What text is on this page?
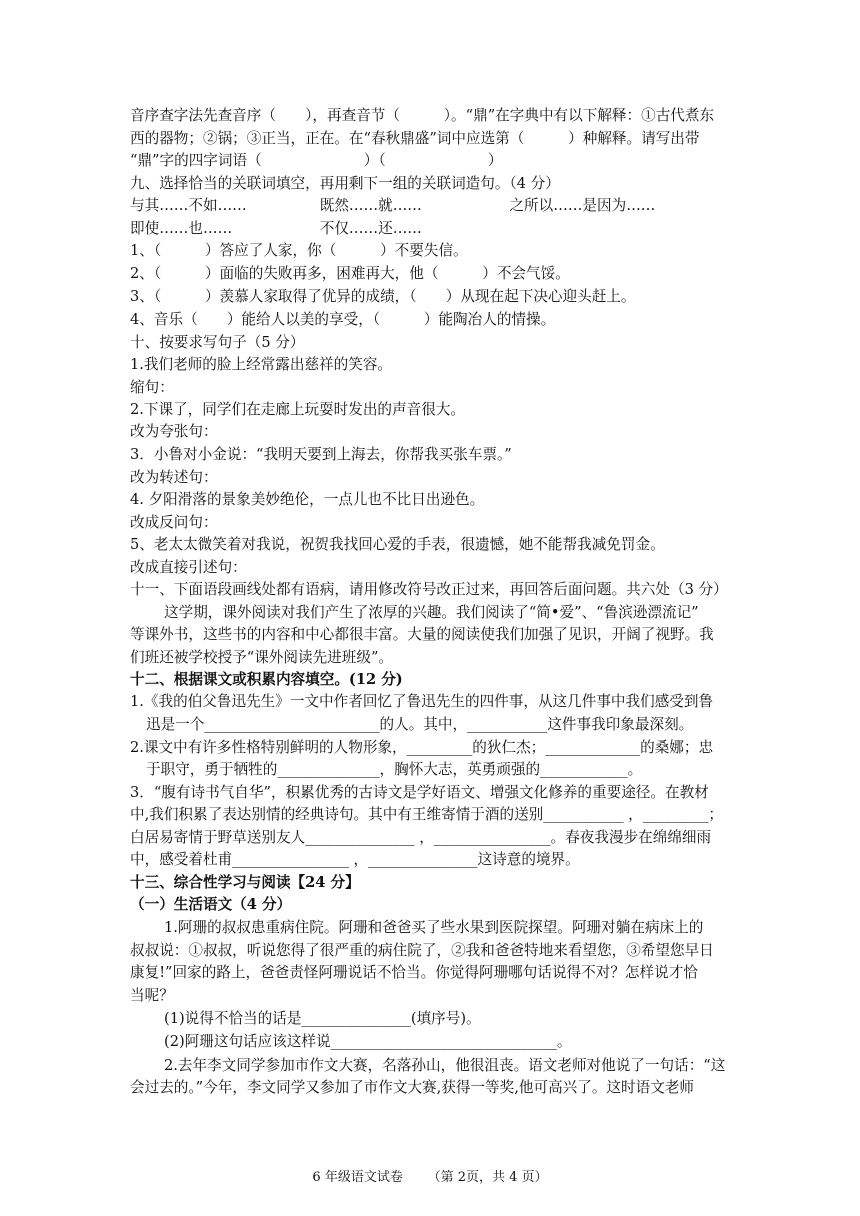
音序查字法先查音序（　　），再查音节（　　　）。“鼎”在字典中有以下解释：①古代煮东
西的器物；②锅；③正当，正在。在“春秋鼎盛”词中应选第（　　　）种解释。请写出带
“鼎”字的四字词语（　　　　　　　）（　　　　　　　）
九、选择恰当的关联词填空，再用剩下一组的关联词造句。（4 分）
与其……不如……　　　　　既然……就……　　　　　　之所以……是因为……
即使……也……　　　　　　不仅……还……
1、（　　　）答应了人家，你（　　　）不要失信。
2、（　　　）面临的失败再多，困难再大，他（　　　）不会气馁。
3、（　　　）羡慕人家取得了优异的成绩，（　　）从现在起下决心迎头赶上。
4、音乐（　　）能给人以美的享受，（　　　）能陶冶人的情操。
十、按要求写句子（5 分）
1.我们老师的脸上经常露出慈祥的笑容。
缩句：
2.下课了，同学们在走廊上玩耍时发出的声音很大。
改为夸张句：
3．小鲁对小金说：“我明天要到上海去，你帮我买张车票。”
改为转述句：
4. 夕阳滑落的景象美妙绝伦，一点儿也不比日出逊色。
改成反问句：
5、老太太微笑着对我说，祝贺我找回心爱的手表，很遗憾，她不能帮我减免罚金。
改成直接引述句：
十一、下面语段画线处都有语病，请用修改符号改正过来，再回答后面问题。共六处（3 分）
这学期，课外阅读对我们产生了浓厚的兴趣。我们阅读了“简•爱”、“鲁滨逊漂流记”
等课外书，这些书的内容和中心都很丰富。大量的阅读使我们加强了见识，开阔了视野。我
们班还被学校授予“课外阅读先进班级”。
十二、根据课文或积累内容填空。(12 分)
1.《我的伯父鲁迅先生》一文中作者回忆了鲁迅先生的四件事，从这几件事中我们感受到鲁
迅是一个________________________的人。其中，___________这件事我印象最深刻。
2.课文中有许多性格特别鲜明的人物形象，_________的狄仁杰；_____________的桑娜；忠
于职守，勇于牺牲的______________，胸怀大志，英勇顽强的____________。
3．“腹有诗书气自华”，积累优秀的古诗文是学好语文、增强文化修养的重要途径。在教材
中,我们积累了表达别情的经典诗句。其中有王维寄情于酒的送别___________ ，_________；
白居易寄情于野草送别友人_______________ ，________________。春夜我漫步在绵绵细雨
中，感受着杜甫________________ ，_______________这诗意的境界。
十三、综合性学习与阅读【24 分】
（一）生活语文（4 分）
1.阿珊的叔叔患重病住院。阿珊和爸爸买了些水果到医院探望。阿珊对躺在病床上的
叔叔说：①叔叔，听说您得了很严重的病住院了，②我和爸爸特地来看望您，③希望您早日
康复!”回家的路上，爸爸责怪阿珊说话不恰当。你觉得阿珊哪句话说得不对？怎样说才恰
当呢？
(1)说得不恰当的话是_______________(填序号)。
(2)阿珊这句话应该这样说_______________________________。
2.去年李文同学参加市作文大赛，名落孙山，他很沮丧。语文老师对他说了一句话：“这
会过去的。”今年，李文同学又参加了市作文大赛,获得一等奖,他可高兴了。这时语文老师
6 年级语文试卷 （第 2页，共 4 页）
